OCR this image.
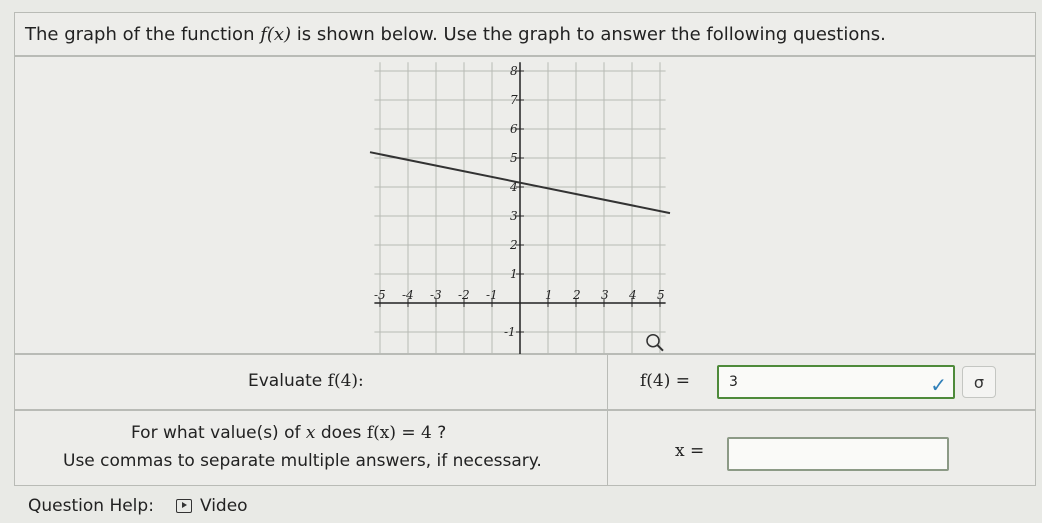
The graph of the function f(x) is shown below. Use the graph to answer the following questions.
-5 -4 -3 -2 -1	1 2 3 4 5
8
7
6
5
4
3
2
1
-1
Evaluate f(4):	f(4) =	3	✓ σ
For what value(s) of x does f(x) = 4 ?
Use commas to separate multiple answers, if necessary.	x =
Question Help:	Video
